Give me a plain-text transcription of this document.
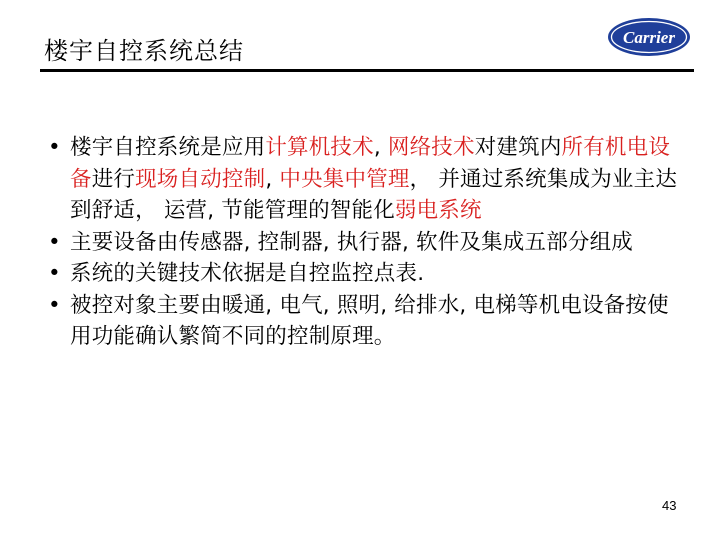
楼宇自控系统总结	Carrier
• 楼宇自控系统是应用计算机技术, 网络技术对建筑内所有机电设备进行现场自动控制, 中央集中管理， 并通过系统集成为业主达到舒适， 运营, 节能管理的智能化弱电系统
• 主要设备由传感器, 控制器, 执行器, 软件及集成五部分组成
• 系统的关键技术依据是自控监控点表.
• 被控对象主要由暖通, 电气, 照明, 给排水, 电梯等机电设备按使用功能确认繁简不同的控制原理。
43
